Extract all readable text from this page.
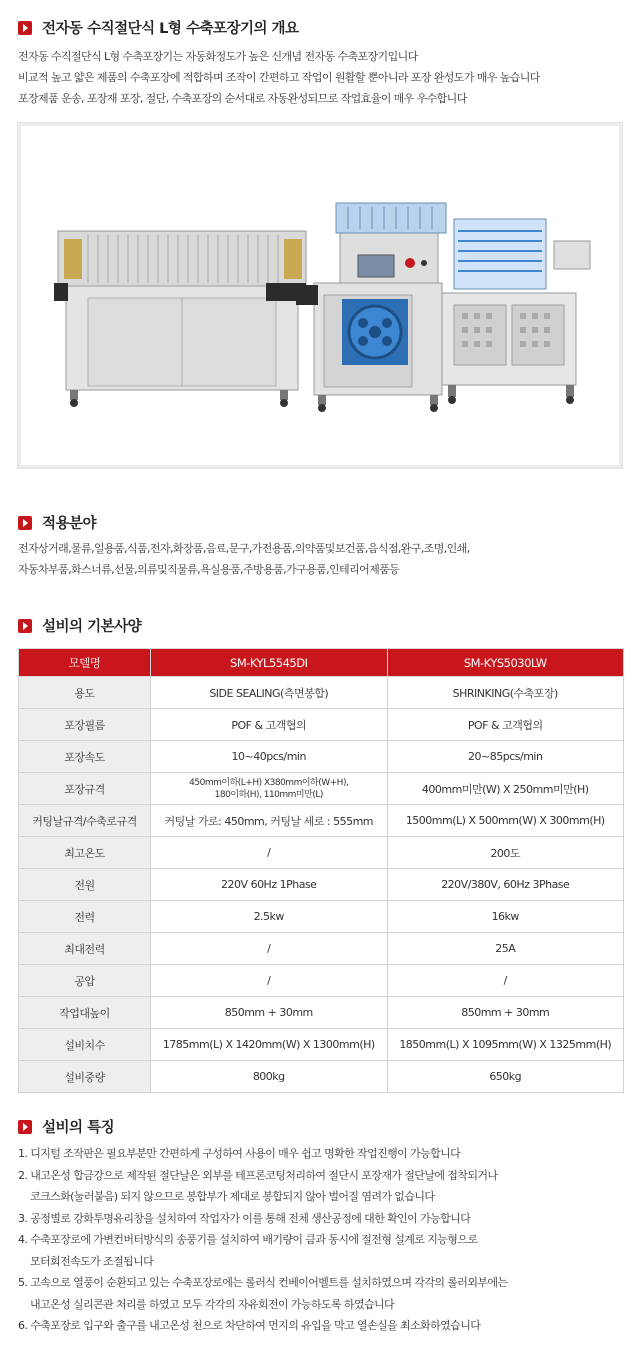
전자동 수직절단식 L형 수축포장기의 개요

전자동 수직절단식 L형 수축포장기는 자동화정도가 높은 신개념 전자동 수축포장기입니다

비교적 높고 얇은 제품의 수축포장에 적합하며 조작이 간편하고 작업이 원활할 뿐아니라 포장 완성도가 매우 높습니다

포장제품 운송, 포장재 포장, 절단, 수축포장의 순서대로 자동완성되므로 작업효율이 매우 우수합니다

적용분야

전자상거래,물류,일용품,식품,전자,화장품,음료,문구,가전용품,의약품및보건품,음식점,완구,조명,인쇄,

자동차부품,화스너류,선물,의류및직물류,욕실용품,주방용품,가구용품,인테리어제품등

설비의 기본사양
모델명	SM-KYL5545DI	SM-KYS5030LW
용도	SIDE SEALING(측면봉합)	SHRINKING(수축포장)
포장필름	POF & 고객협의	POF & 고객협의
포장속도	10~40pcs/min	20~85pcs/min
포장규격	450mm이하(L+H) X380mm이하(W+H),
180이하(H), 110mm미만(L)	400mm미만(W) X 250mm미만(H)
커팅날규격/수축로규격	커팅날 가로: 450mm, 커팅날 세로 : 555mm	1500mm(L) X 500mm(W) X 300mm(H)
최고온도	/	200도
전원	220V 60Hz 1Phase	220V/380V, 60Hz 3Phase
전력	2.5kw	16kw
최대전력	/	25A
공압	/	/
작업대높이	850mm + 30mm	850mm + 30mm
설비치수	1785mm(L) X 1420mm(W) X 1300mm(H)	1850mm(L) X 1095mm(W) X 1325mm(H)
설비중량	800kg	650kg
설비의 특징
1. 디지털 조작판은 필요부분만 간편하게 구성하여 사용이 매우 쉽고 명확한 작업진행이 가능합니다
2. 내고온성 합금강으로 제작된 절단날은 외부를 테프론코팅처리하여 절단시 포장재가 절단날에 접착되거나
코크스화(눌러붙음) 되지 않으므로 봉합부가 제대로 봉합되지 않아 벌어질 염려가 없습니다
3. 공정별로 강화투명유리창을 설치하여 작업자가 이를 통해 전체 생산공정에 대한 확인이 가능합니다
4. 수축포장로에 가변컨버터방식의 송풍기를 설치하여 배기량이 큼과 동시에 절전형 설계로 지능형으로
모터회전속도가 조절됩니다
5. 고속으로 열풍이 순환되고 있는 수축포장로에는 롤러식 컨베이어벨트를 설치하였으며 각각의 롤러외부에는
내고온성 실리콘관 처리를 하였고 모두 각각의 자유회전이 가능하도록 하였습니다
6. 수축포장로 입구와 출구를 내고온성 천으로 차단하여 먼지의 유입을 막고 열손실을 최소화하였습니다
